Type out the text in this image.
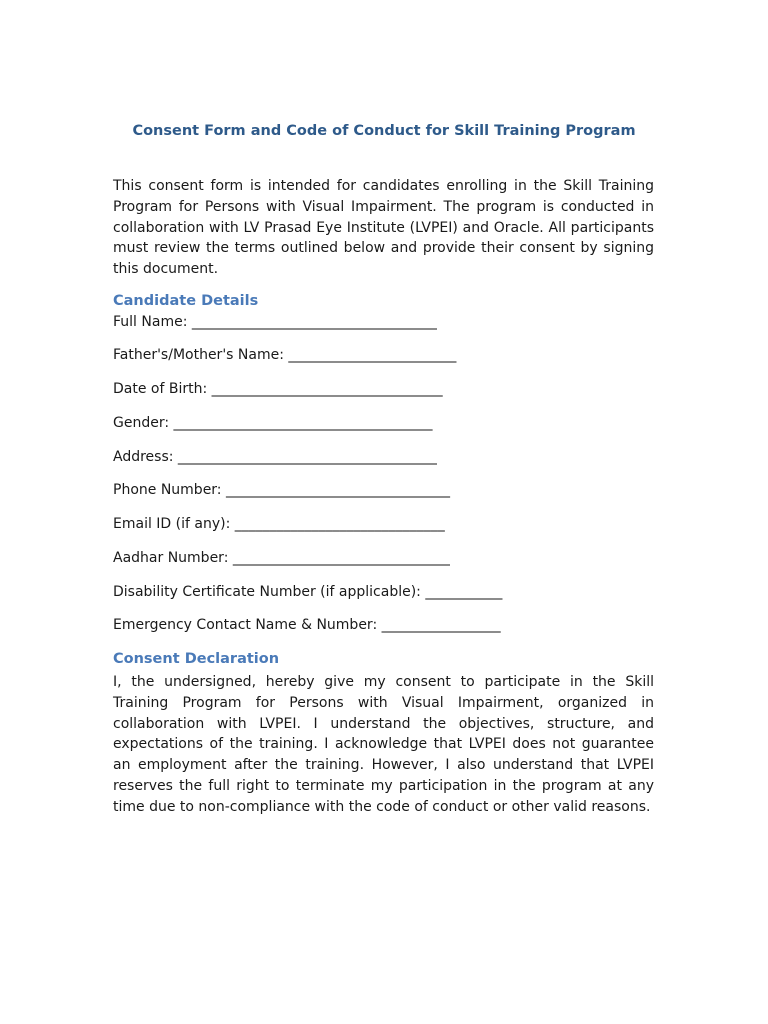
Consent Form and Code of Conduct for Skill Training Program

This consent form is intended for candidates enrolling in the Skill Training Program for Persons with Visual Impairment. The program is conducted in collaboration with LV Prasad Eye Institute (LVPEI) and Oracle. All participants must review the terms outlined below and provide their consent by signing this document.

Candidate Details

Full Name: ___________________________________

Father's/Mother's Name: ________________________

Date of Birth: _________________________________

Gender: _____________________________________

Address: _____________________________________

Phone Number: ________________________________

Email ID (if any): ______________________________

Aadhar Number: _______________________________

Disability Certificate Number (if applicable): ___________

Emergency Contact Name & Number: _________________

Consent Declaration

I, the undersigned, hereby give my consent to participate in the Skill Training Program for Persons with Visual Impairment, organized in collaboration with LVPEI. I understand the objectives, structure, and expectations of the training. I acknowledge that LVPEI does not guarantee an employment after the training. However, I also understand that LVPEI reserves the full right to terminate my participation in the program at any time due to non-compliance with the code of conduct or other valid reasons.
